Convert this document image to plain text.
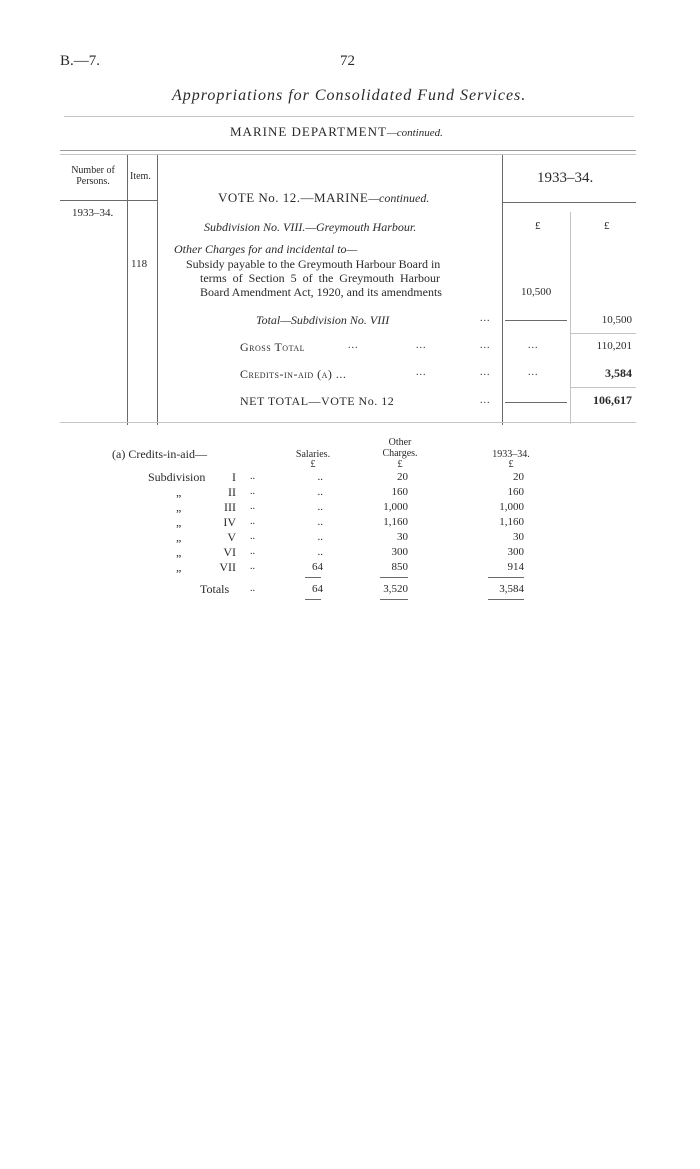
B.—7.	72
Appropriations for Consolidated Fund Services.
MARINE DEPARTMENT—continued.
Number of Persons.	Item.	1933–34.
1933–34.
VOTE No. 12.—MARINE—continued.
Subdivision No. VIII.—Greymouth Harbour.	£	£
Other Charges for and incidental to—
118	Subsidy payable to the Greymouth Harbour Board in
terms of Section 5 of the Greymouth Harbour
Board Amendment Act, 1920, and its amendments	10,500
Total—Subdivision No. VIII	...	10,500
Gross Total	...	...	...	...	110,201
Credits-in-aid (a) ...	...	...	...	3,584
NET TOTAL—VOTE No. 12	...	106,617
(a) Credits-in-aid—	Salaries.
£
Other
Charges.
£
1933–34.
£
Subdivision	I ..	..	20	20
„	II ..	..	160	160
„	III ..	..	1,000	1,000
„	IV ..	..	1,160	1,160
„	V ..	..	30	30
„	VI ..	..	300	300
„	VII ..	64	850	914
Totals ..	64	3,520	3,584
